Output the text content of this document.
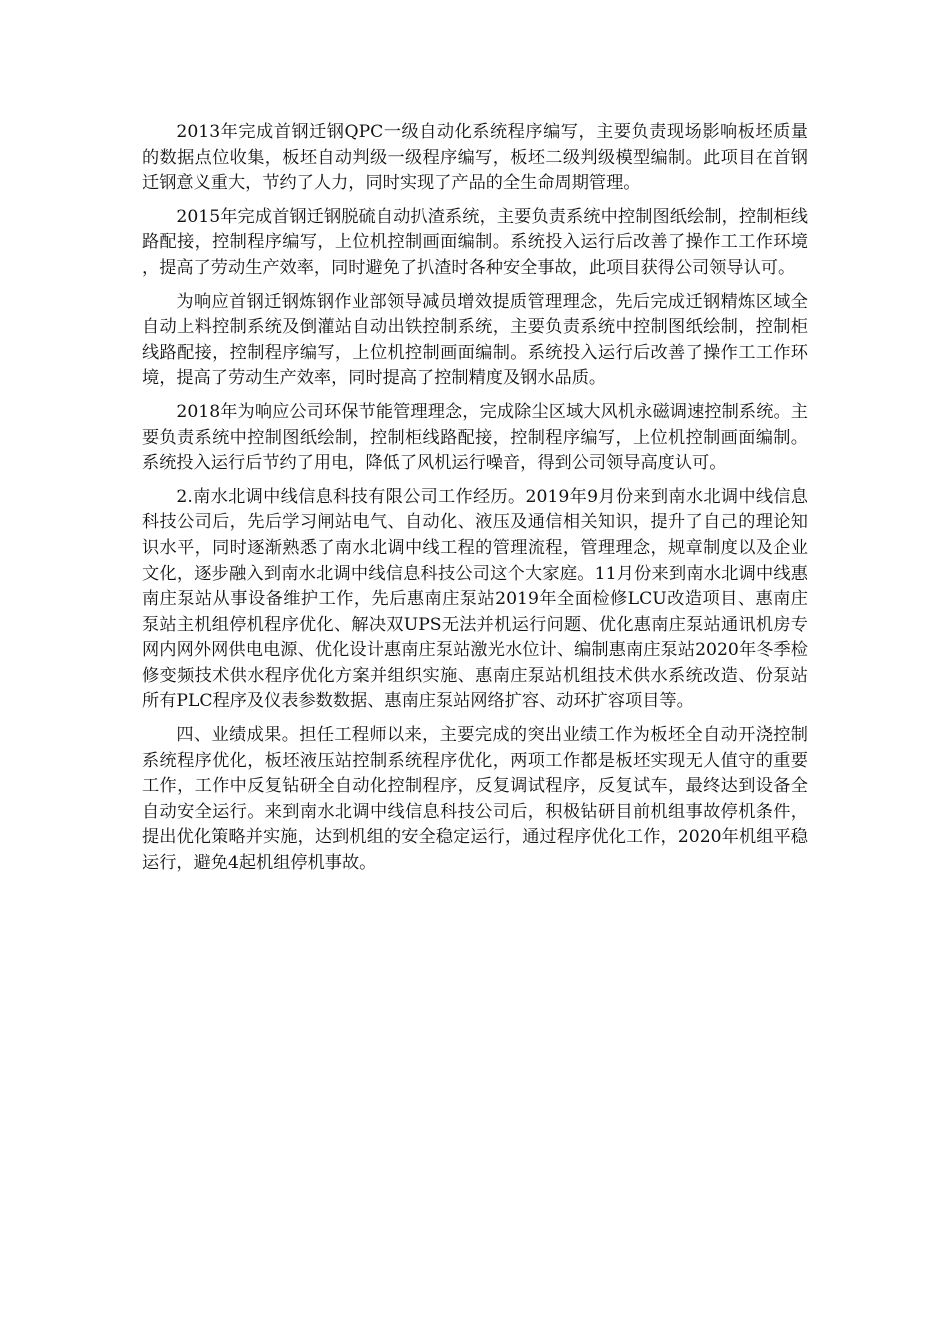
2013年完成首钢迁钢QPC一级自动化系统程序编写，主要负责现场影响板坯质量的数据点位收集，板坯自动判级一级程序编写，板坯二级判级模型编制。此项目在首钢迁钢意义重大，节约了人力，同时实现了产品的全生命周期管理。

2015年完成首钢迁钢脱硫自动扒渣系统，主要负责系统中控制图纸绘制，控制柜线路配接，控制程序编写，上位机控制画面编制。系统投入运行后改善了操作工工作环境，提高了劳动生产效率，同时避免了扒渣时各种安全事故，此项目获得公司领导认可。

为响应首钢迁钢炼钢作业部领导减员增效提质管理理念，先后完成迁钢精炼区域全自动上料控制系统及倒灌站自动出铁控制系统，主要负责系统中控制图纸绘制，控制柜线路配接，控制程序编写，上位机控制画面编制。系统投入运行后改善了操作工工作环境，提高了劳动生产效率，同时提高了控制精度及钢水品质。

2018年为响应公司环保节能管理理念，完成除尘区域大风机永磁调速控制系统。主要负责系统中控制图纸绘制，控制柜线路配接，控制程序编写，上位机控制画面编制。系统投入运行后节约了用电，降低了风机运行噪音，得到公司领导高度认可。

2.南水北调中线信息科技有限公司工作经历。2019年9月份来到南水北调中线信息科技公司后，先后学习闸站电气、自动化、液压及通信相关知识，提升了自己的理论知识水平，同时逐渐熟悉了南水北调中线工程的管理流程，管理理念，规章制度以及企业文化，逐步融入到南水北调中线信息科技公司这个大家庭。11月份来到南水北调中线惠南庄泵站从事设备维护工作，先后惠南庄泵站2019年全面检修LCU改造项目、惠南庄泵站主机组停机程序优化、解决双UPS无法并机运行问题、优化惠南庄泵站通讯机房专网内网外网供电电源、优化设计惠南庄泵站激光水位计、编制惠南庄泵站2020年冬季检修变频技术供水程序优化方案并组织实施、惠南庄泵站机组技术供水系统改造、份泵站所有PLC程序及仪表参数数据、惠南庄泵站网络扩容、动环扩容项目等。

四、业绩成果。担任工程师以来，主要完成的突出业绩工作为板坯全自动开浇控制系统程序优化，板坯液压站控制系统程序优化，两项工作都是板坯实现无人值守的重要工作，工作中反复钻研全自动化控制程序，反复调试程序，反复试车，最终达到设备全自动安全运行。来到南水北调中线信息科技公司后，积极钻研目前机组事故停机条件，提出优化策略并实施，达到机组的安全稳定运行，通过程序优化工作，2020年机组平稳运行，避免4起机组停机事故。
